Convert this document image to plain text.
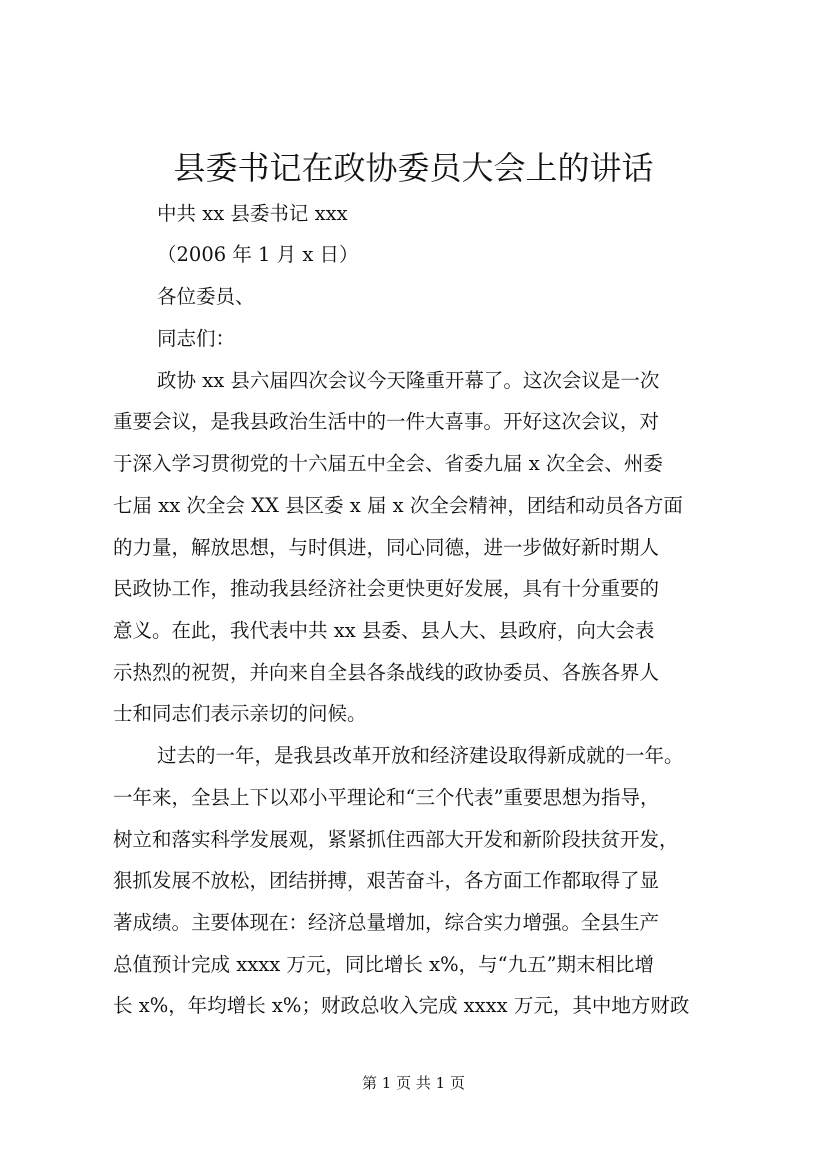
县委书记在政协委员大会上的讲话
中共 xx 县委书记 xxx
（2006 年 1 月 x 日）
各位委员、
同志们：
政协 xx 县六届四次会议今天隆重开幕了。这次会议是一次
重要会议，是我县政治生活中的一件大喜事。开好这次会议，对
于深入学习贯彻党的十六届五中全会、省委九届 x 次全会、州委
七届 xx 次全会 XX 县区委 x 届 x 次全会精神，团结和动员各方面
的力量，解放思想，与时俱进，同心同德，进一步做好新时期人
民政协工作，推动我县经济社会更快更好发展，具有十分重要的
意义。在此，我代表中共 xx 县委、县人大、县政府，向大会表
示热烈的祝贺，并向来自全县各条战线的政协委员、各族各界人
士和同志们表示亲切的问候。
过去的一年，是我县改革开放和经济建设取得新成就的一年。
一年来，全县上下以邓小平理论和“三个代表”重要思想为指导，
树立和落实科学发展观，紧紧抓住西部大开发和新阶段扶贫开发，
狠抓发展不放松，团结拼搏，艰苦奋斗，各方面工作都取得了显
著成绩。主要体现在：经济总量增加，综合实力增强。全县生产
总值预计完成 xxxx 万元，同比增长 x%，与“九五”期末相比增
长 x%，年均增长 x%；财政总收入完成 xxxx 万元，其中地方财政
第 1 页 共 1 页
